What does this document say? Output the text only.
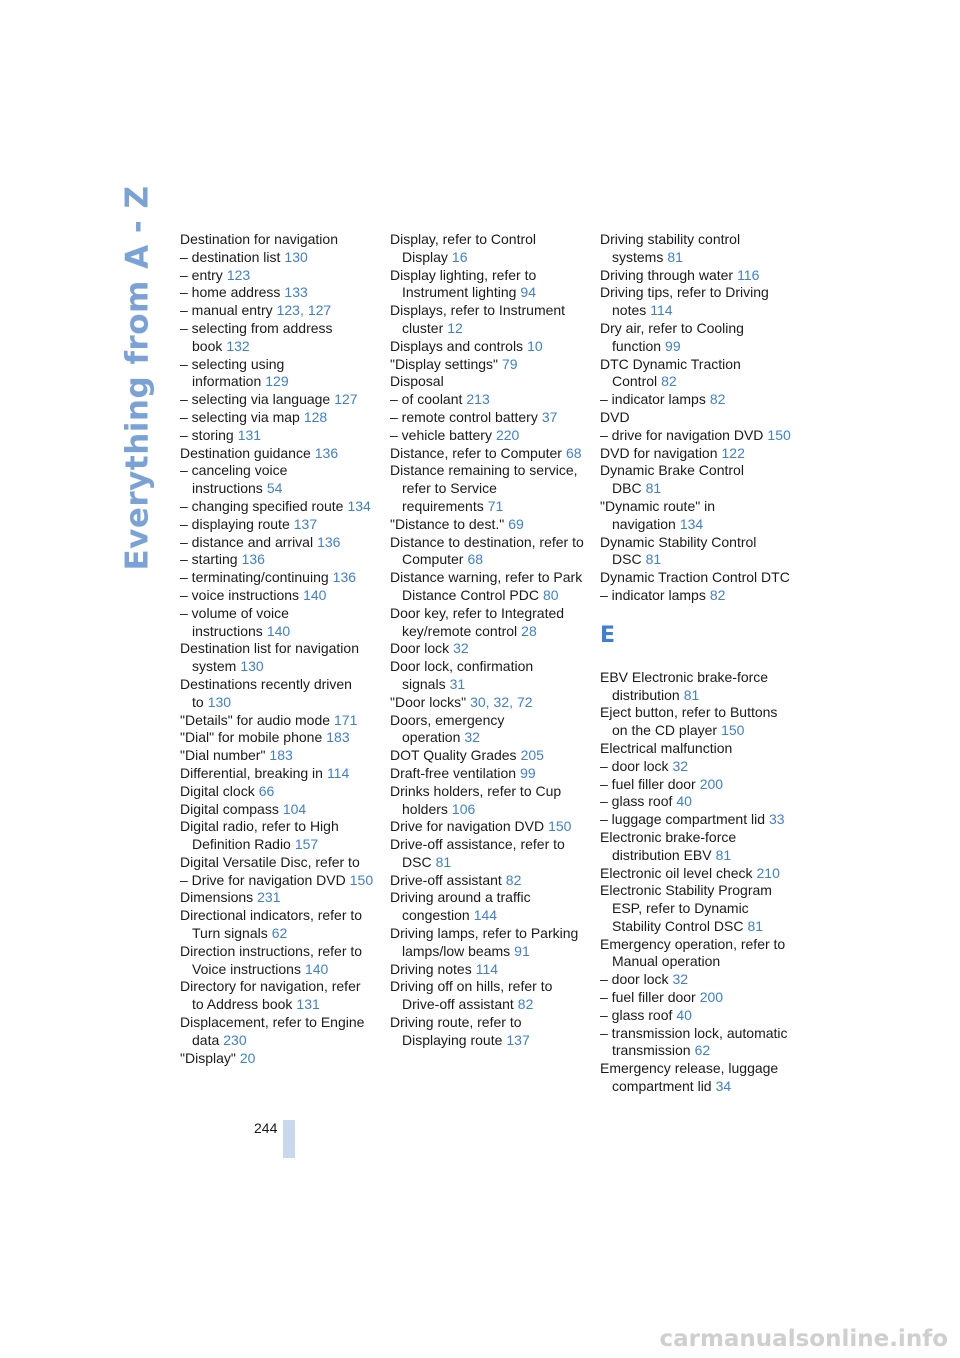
Everything from A - Z Destination for navigation
– destination list 130
– entry 123
– home address 133
– manual entry 123, 127
– selecting from address book 132
– selecting using information 129
– selecting via language 127
– selecting via map 128
– storing 131
Destination guidance 136
– canceling voice instructions 54
– changing specified route 134
– displaying route 137
– distance and arrival 136
– starting 136
– terminating/continuing 136
– voice instructions 140
– volume of voice instructions 140
Destination list for navigation system 130
Destinations recently driven to 130
"Details" for audio mode 171
"Dial" for mobile phone 183
"Dial number" 183
Differential, breaking in 114
Digital clock 66
Digital compass 104
Digital radio, refer to High Definition Radio 157
Digital Versatile Disc, refer to
– Drive for navigation DVD 150
Dimensions 231
Directional indicators, refer to Turn signals 62
Direction instructions, refer to Voice instructions 140
Directory for navigation, refer to Address book 131
Displacement, refer to Engine data 230
"Display" 20
Display, refer to Control Display 16
Display lighting, refer to Instrument lighting 94
Displays, refer to Instrument cluster 12
Displays and controls 10
"Display settings" 79
Disposal
– of coolant 213
– remote control battery 37
– vehicle battery 220
Distance, refer to Computer 68
Distance remaining to service, refer to Service requirements 71
"Distance to dest." 69
Distance to destination, refer to Computer 68
Distance warning, refer to Park Distance Control PDC 80
Door key, refer to Integrated key/remote control 28
Door lock 32
Door lock, confirmation signals 31
"Door locks" 30, 32, 72
Doors, emergency operation 32
DOT Quality Grades 205
Draft-free ventilation 99
Drinks holders, refer to Cup holders 106
Drive for navigation DVD 150
Drive-off assistance, refer to DSC 81
Drive-off assistant 82
Driving around a traffic congestion 144
Driving lamps, refer to Parking lamps/low beams 91
Driving notes 114
Driving off on hills, refer to Drive-off assistant 82
Driving route, refer to Displaying route 137
Driving stability control systems 81
Driving through water 116
Driving tips, refer to Driving notes 114
Dry air, refer to Cooling function 99
DTC Dynamic Traction Control 82
– indicator lamps 82
DVD
– drive for navigation DVD 150
DVD for navigation 122
Dynamic Brake Control DBC 81
"Dynamic route" in navigation 134
Dynamic Stability Control DSC 81
Dynamic Traction Control DTC
– indicator lamps 82
E
EBV Electronic brake-force distribution 81
Eject button, refer to Buttons on the CD player 150
Electrical malfunction
– door lock 32
– fuel filler door 200
– glass roof 40
– luggage compartment lid 33
Electronic brake-force distribution EBV 81
Electronic oil level check 210
Electronic Stability Program ESP, refer to Dynamic Stability Control DSC 81
Emergency operation, refer to Manual operation
– door lock 32
– fuel filler door 200
– glass roof 40
– transmission lock, automatic transmission 62
Emergency release, luggage compartment lid 34
244
carmanualsonline.info
